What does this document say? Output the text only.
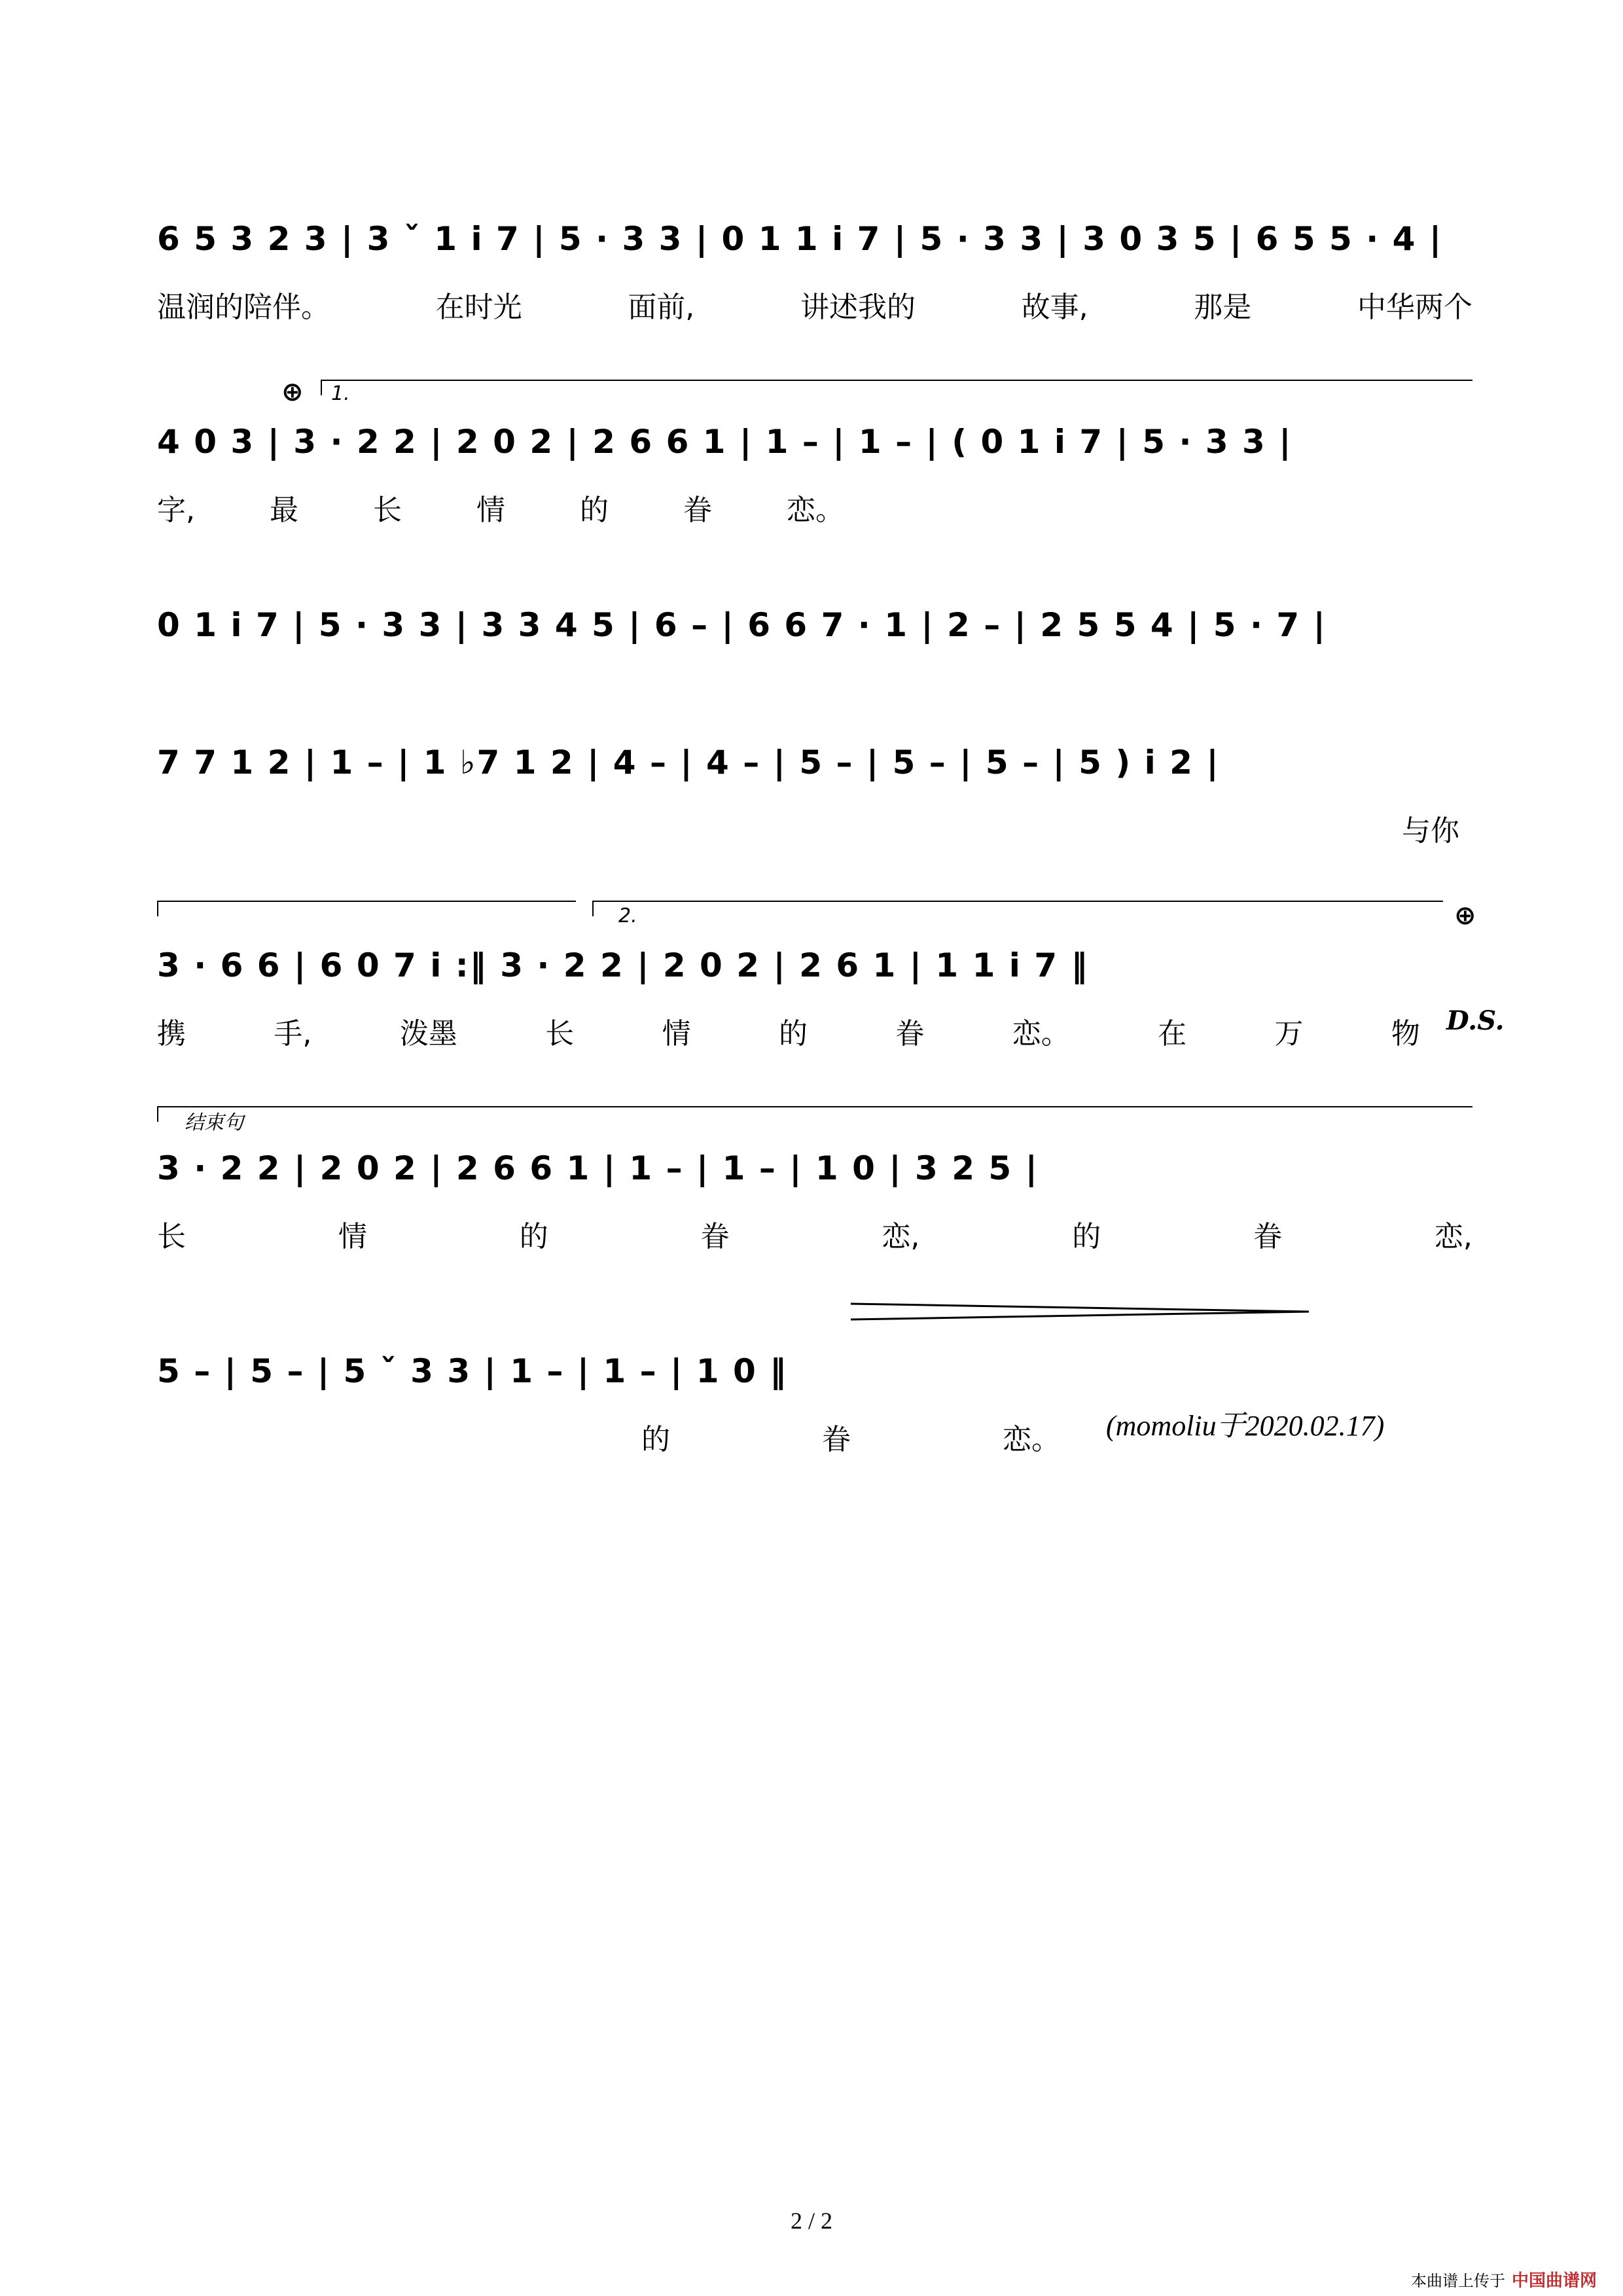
6 5 3 2 3 | 3 ˇ 1 i 7 | 5 · 3 3 | 0 1 1 i 7 | 5 · 3 3 | 3 0 3 5 | 6 5 5 · 4 |
温润的陪伴。	在时光	面前,	讲述我的	故事,	那是	中华两个
⊕ 1.
4 0 3 | 3 · 2 2 | 2 0 2 | 2 6 6 1 | 1 – | 1 – | ( 0 1 i 7 | 5 · 3 3 |
字,	最	长	情	的	眷	恋。
0 1 i 7 | 5 · 3 3 | 3 3 4 5 | 6 – | 6 6 7 · 1 | 2 – | 2 5 5 4 | 5 · 7 |
7 7 1 2 | 1 – | 1 ♭7 1 2 | 4 – | 4 – | 5 – | 5 – | 5 – | 5 ) i 2 |
与你
2.	⊕
3 · 6 6 | 6 0 7 i :‖ 3 · 2 2 | 2 0 2 | 2 6 1 | 1 1 i 7 ‖
携	手,	泼墨	长	情	的	眷	恋。	在	万	物 D.S.
结束句
3 · 2 2 | 2 0 2 | 2 6 6 1 | 1 – | 1 – | 1 0 | 3 2 5 |
长	情	的	眷	恋,	的	眷	恋,
5 – | 5 – | 5 ˇ 3 3 | 1 – | 1 – | 1 0 ‖
的	眷	恋。 (momoliu于2020.02.17)
2 / 2
本曲谱上传于 中国曲谱网
